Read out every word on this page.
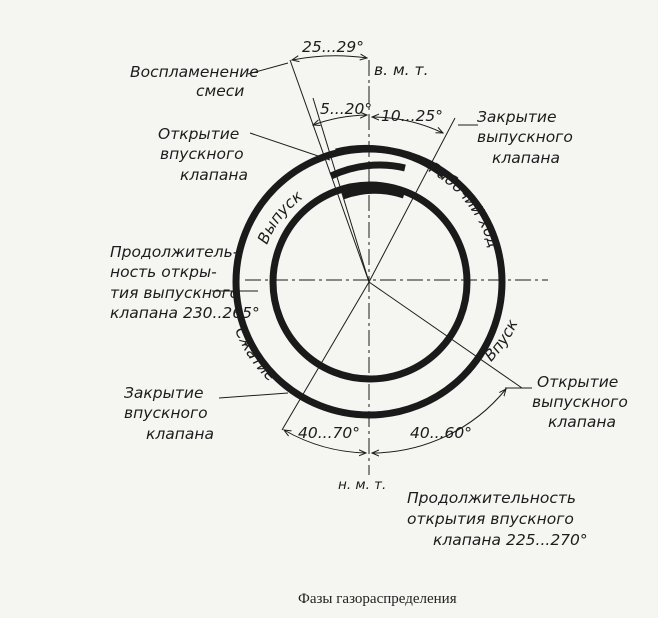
25...29°
5...20° 10...25°
40...70°	40...60°
в. м. т.
н. м. т.
Воспламенение
смеси
Открытие
впускного
клапана
Закрытие
выпускного
клапана
Продолжитель-
ность откры-
тия выпускного
клапана 230..265°
Закрытие
впускного
клапана
Открытие
выпускного
клапана
Продолжительность
открытия впускного
клапана 225...270°
Выпуск
Рабочий ход
Впуск
Сжатие
Фазы газораспределения
